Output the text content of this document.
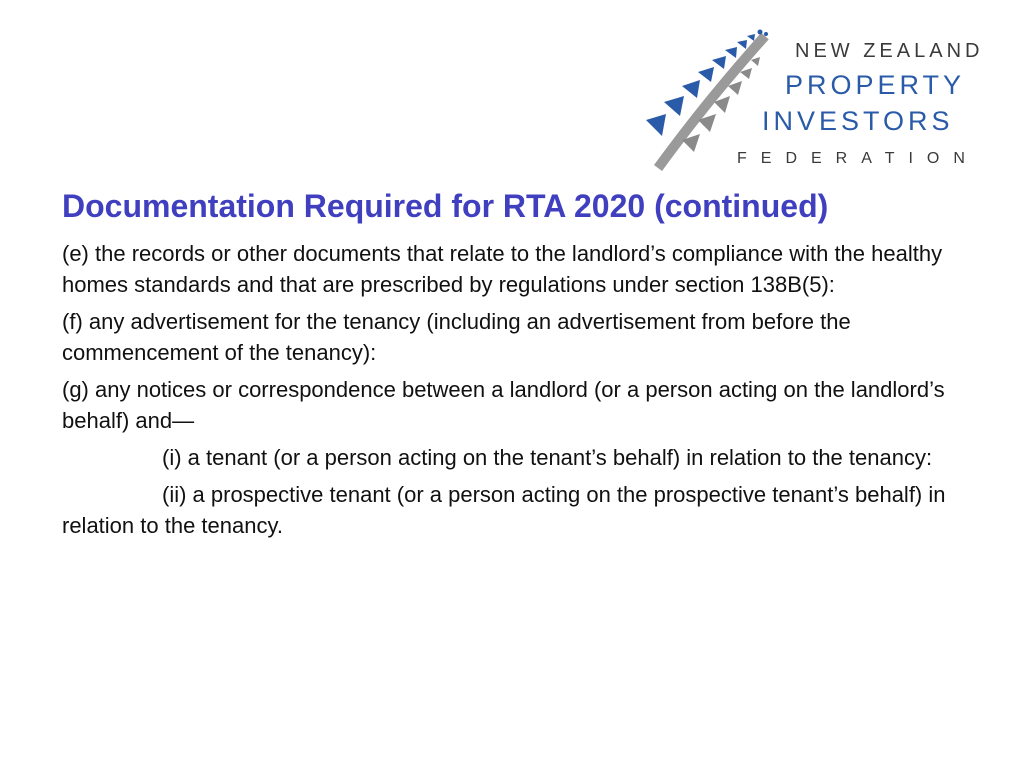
NEW ZEALAND
PROPERTY
INVESTORS
FEDERATION
Documentation Required for RTA 2020 (continued)

(e) the records or other documents that relate to the landlord’s compliance with the healthy homes standards and that are prescribed by regulations under section 138B(5):

(f) any advertisement for the tenancy (including an advertisement from before the commencement of the tenancy):

(g) any notices or correspondence between a landlord (or a person acting on the landlord’s behalf) and—

(i) a tenant (or a person acting on the tenant’s behalf) in relation to the tenancy:

(ii) a prospective tenant (or a person acting on the prospective tenant’s behalf) in relation to the tenancy.
